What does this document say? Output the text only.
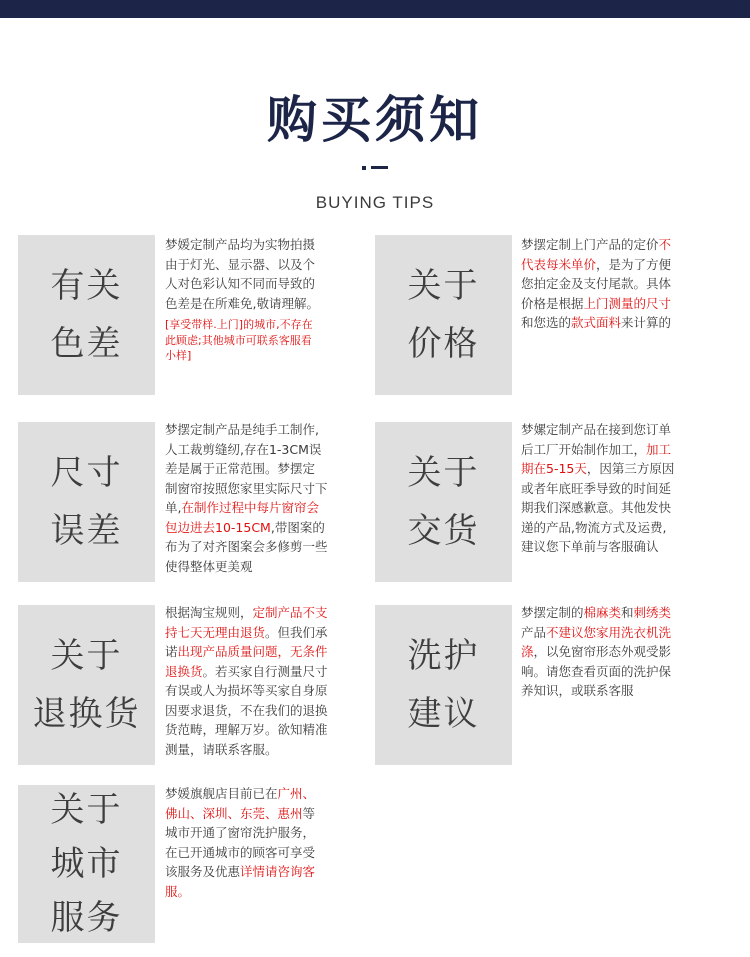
购买须知
BUYING TIPS
有关
色差
梦媛定制产品均为实物拍摄
由于灯光、显示器、以及个
人对色彩认知不同而导致的
色差是在所难免,敬请理解。
[享受带样.上门]的城市,不存在
此顾虑;其他城市可联系客服看
小样]
尺寸
误差
梦摆定制产品是纯手工制作,
人工裁剪缝纫,存在1-3CM误
差是属于正常范围。梦摆定
制窗帘按照您家里实际尺寸下
单,在制作过程中每片窗帘会
包边进去10-15CM,带图案的
布为了对齐图案会多修剪一些
使得整体更美观
关于
退换货
根据淘宝规则，定制产品不支
持七天无理由退货。但我们承
诺出现产品质量问题，无条件
退换货。若买家自行测量尺寸
有误或人为损坏等买家自身原
因要求退货，不在我们的退换
货范畴，理解万岁。欲知精准
测量，请联系客服。
关于
城市
服务
梦媛旗舰店目前已在广州、
佛山、深圳、东莞、惠州等
城市开通了窗帘洗护服务，
在已开通城市的顾客可享受
该服务及优惠详情请咨询客
服。
关于
价格
梦摆定制上门产品的定价不
代表每米单价，是为了方便
您拍定金及支付尾款。具体
价格是根据上门测量的尺寸
和您选的款式面料来计算的
关于
交货
梦嫘定制产品在接到您订单
后工厂开始制作加工，加工
期在5-15天，因第三方原因
或者年底旺季导致的时间延
期我们深感歉意。其他发快
递的产品,物流方式及运费,
建议您下单前与客服确认
洗护
建议
梦摆定制的棉麻类和刺绣类
产品不建议您家用洗衣机洗
涤，以免窗帘形态外观受影
响。请您查看页面的洗护保
养知识，或联系客服
